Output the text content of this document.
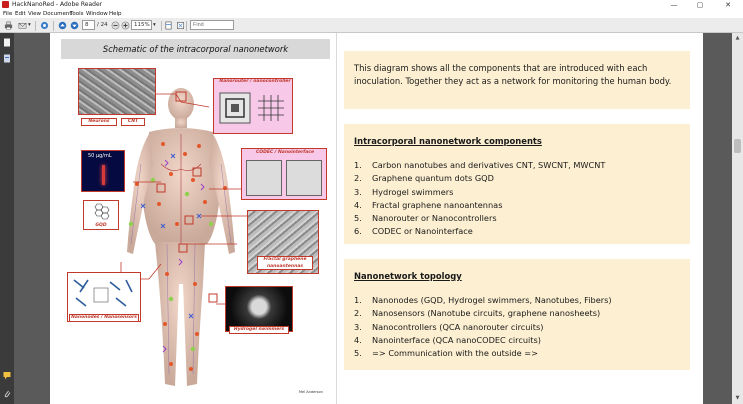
HackNanoRed - Adobe Reader	—	▢	✕
File Edit View Document
Tools Window Help
▾	8	/ 24	115% ▾
Find
▲
▼
Schematic of the intracorporal nanonetwork
Neurons	CNT
Nanorouter / nanocontroller
50 µg/mL
GQD
CODEC / Nanointerface
Fractal graphene nanoantennas
Nanonodes / Nanosensors
Hydrogel swimmers
Mel Anderson
This diagram shows all the components that are introduced with each inoculation. Together they act as a network for monitoring the human body.
Intracorporal nanonetwork components
1. Carbon nanotubes and derivatives CNT, SWCNT, MWCNT
2. Graphene quantum dots GQD
3. Hydrogel swimmers
4. Fractal graphene nanoantennas
5. Nanorouter or Nanocontrollers
6. CODEC or Nanointerface
Nanonetwork topology
1. Nanonodes (GQD, Hydrogel swimmers, Nanotubes, Fibers)
2. Nanosensors (Nanotube circuits, graphene nanosheets)
3. Nanocontrollers (QCA nanorouter circuits)
4. Nanointerface (QCA nanoCODEC circuits)
5. => Communication with the outside =>
